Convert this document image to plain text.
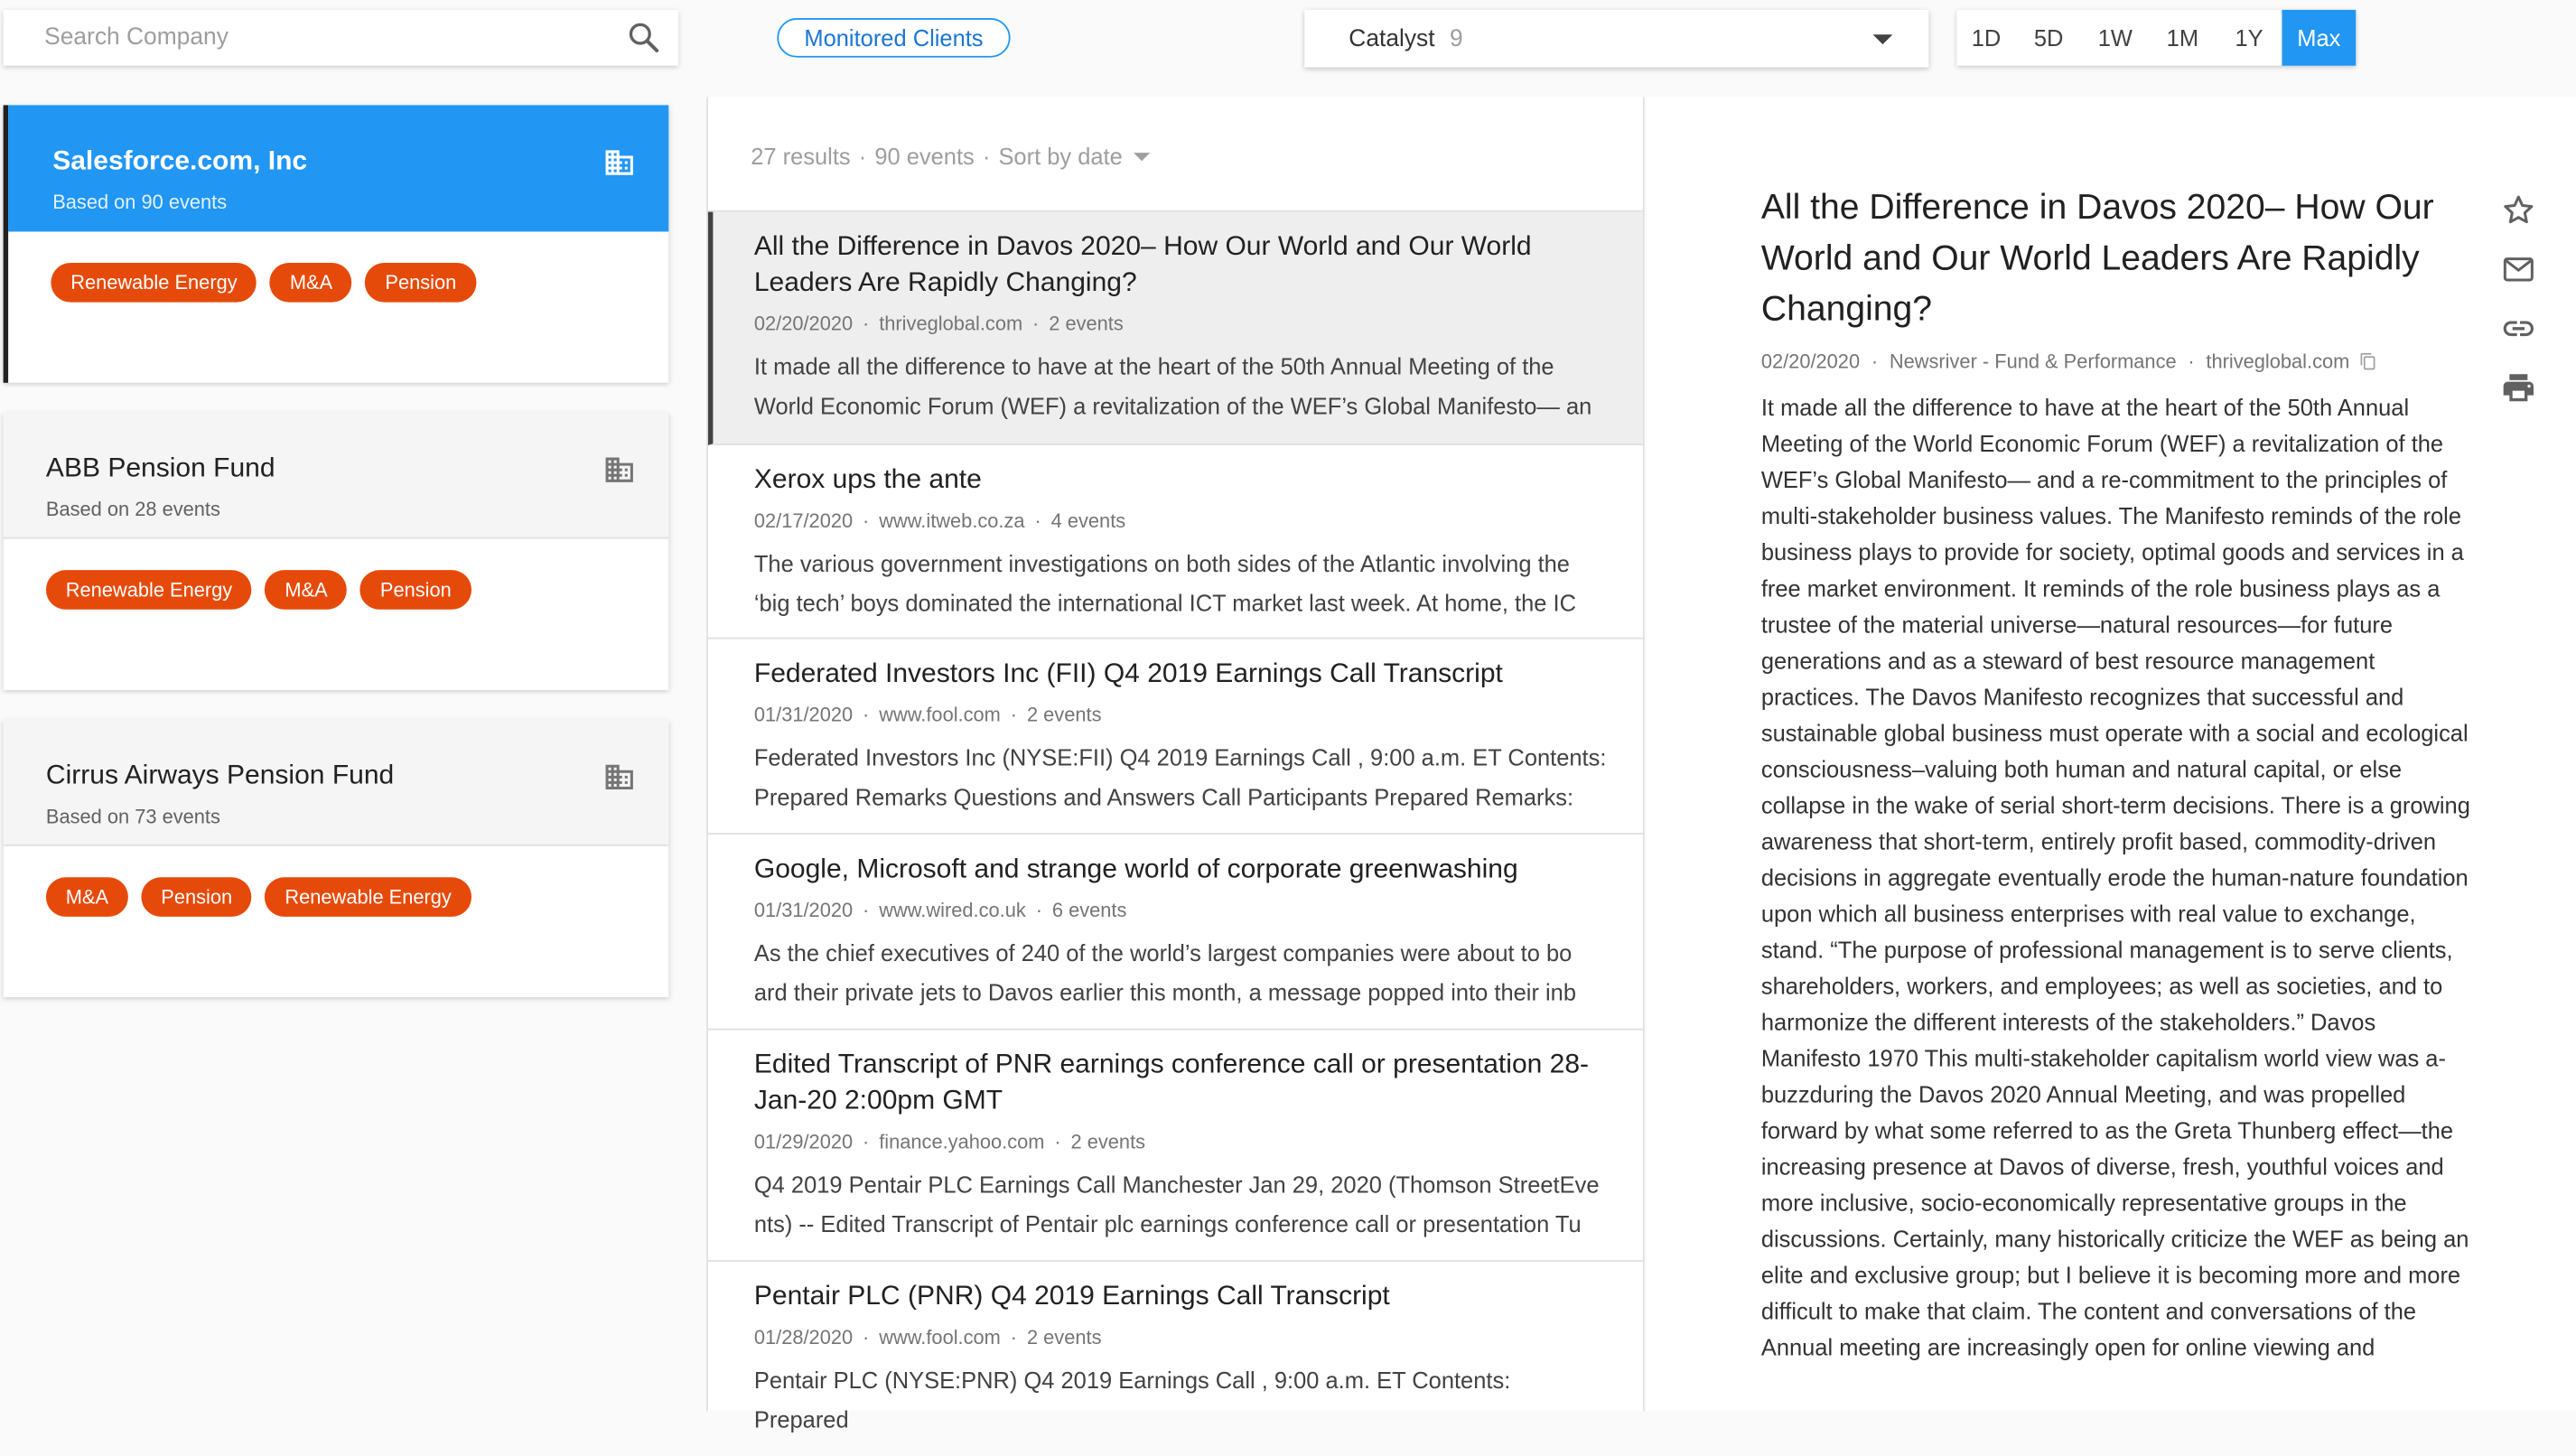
Search Company
Monitored Clients	Catalyst 9	1D	5D	1W	1M	1Y	Max
Salesforce.com, Inc
Based on 90 events
Renewable Energy	M&A	Pension
ABB Pension Fund
Based on 28 events
Renewable Energy	M&A	Pension
Cirrus Airways Pension Fund
Based on 73 events
M&A	Pension	Renewable Energy
27 results · 90 events · Sort by date
All the Difference in Davos 2020– How Our World and Our World Leaders Are Rapidly Changing?
02/20/2020 · thriveglobal.com · 2 events
It made all the difference to have at the heart of the 50th Annual Meeting of the World Economic Forum (WEF) a revitalization of the WEF’s Global Manifesto— an
Xerox ups the ante
02/17/2020 · www.itweb.co.za · 4 events
The various government investigations on both sides of the Atlantic involving the ‘big tech’ boys dominated the international ICT market last week. At home, the IC
Federated Investors Inc (FII) Q4 2019 Earnings Call Transcript
01/31/2020 · www.fool.com · 2 events
Federated Investors Inc (NYSE:FII) Q4 2019 Earnings Call , 9:00 a.m. ET Contents: Prepared Remarks Questions and Answers Call Participants Prepared Remarks:
Google, Microsoft and strange world of corporate greenwashing
01/31/2020 · www.wired.co.uk · 6 events
As the chief executives of 240 of the world’s largest companies were about to bo ard their private jets to Davos earlier this month, a message popped into their inb
Edited Transcript of PNR earnings conference call or presentation 28-Jan-20 2:00pm GMT
01/29/2020 · finance.yahoo.com · 2 events
Q4 2019 Pentair PLC Earnings Call Manchester Jan 29, 2020 (Thomson StreetEve nts) -- Edited Transcript of Pentair plc earnings conference call or presentation Tu
Pentair PLC (PNR) Q4 2019 Earnings Call Transcript
01/28/2020 · www.fool.com · 2 events
Pentair PLC (NYSE:PNR) Q4 2019 Earnings Call , 9:00 a.m. ET Contents: Prepared
All the Difference in Davos 2020– How Our World and Our World Leaders Are Rapidly Changing?
02/20/2020 · Newsriver - Fund & Performance · thriveglobal.com
It made all the difference to have at the heart of the 50th Annual Meeting of the World Economic Forum (WEF) a revitalization of the WEF’s Global Manifesto— and a re-commitment to the principles of multi-stakeholder business values. The Manifesto reminds of the role business plays to provide for society, optimal goods and services in a free market environment. It reminds of the role business plays as a trustee of the material universe—natural resources—for future generations and as a steward of best resource management practices. The Davos Manifesto recognizes that successful and sustainable global business must operate with a social and ecological consciousness–valuing both human and natural capital, or else collapse in the wake of serial short-term decisions. There is a growing awareness that short-term, entirely profit based, commodity-driven decisions in aggregate eventually erode the human-nature foundation upon which all business enterprises with real value to exchange, stand. “The purpose of professional management is to serve clients, shareholders, workers, and employees; as well as societies, and to harmonize the different interests of the stakeholders.” Davos Manifesto 1970 This multi-stakeholder capitalism world view was a-buzzduring the Davos 2020 Annual Meeting, and was propelled forward by what some referred to as the Greta Thunberg effect—the increasing presence at Davos of diverse, fresh, youthful voices and more inclusive, socio-economically representative groups in the discussions. Certainly, many historically criticize the WEF as being an elite and exclusive group; but I believe it is becoming more and more difficult to make that claim. The content and conversations of the Annual meeting are increasingly open for online viewing and
